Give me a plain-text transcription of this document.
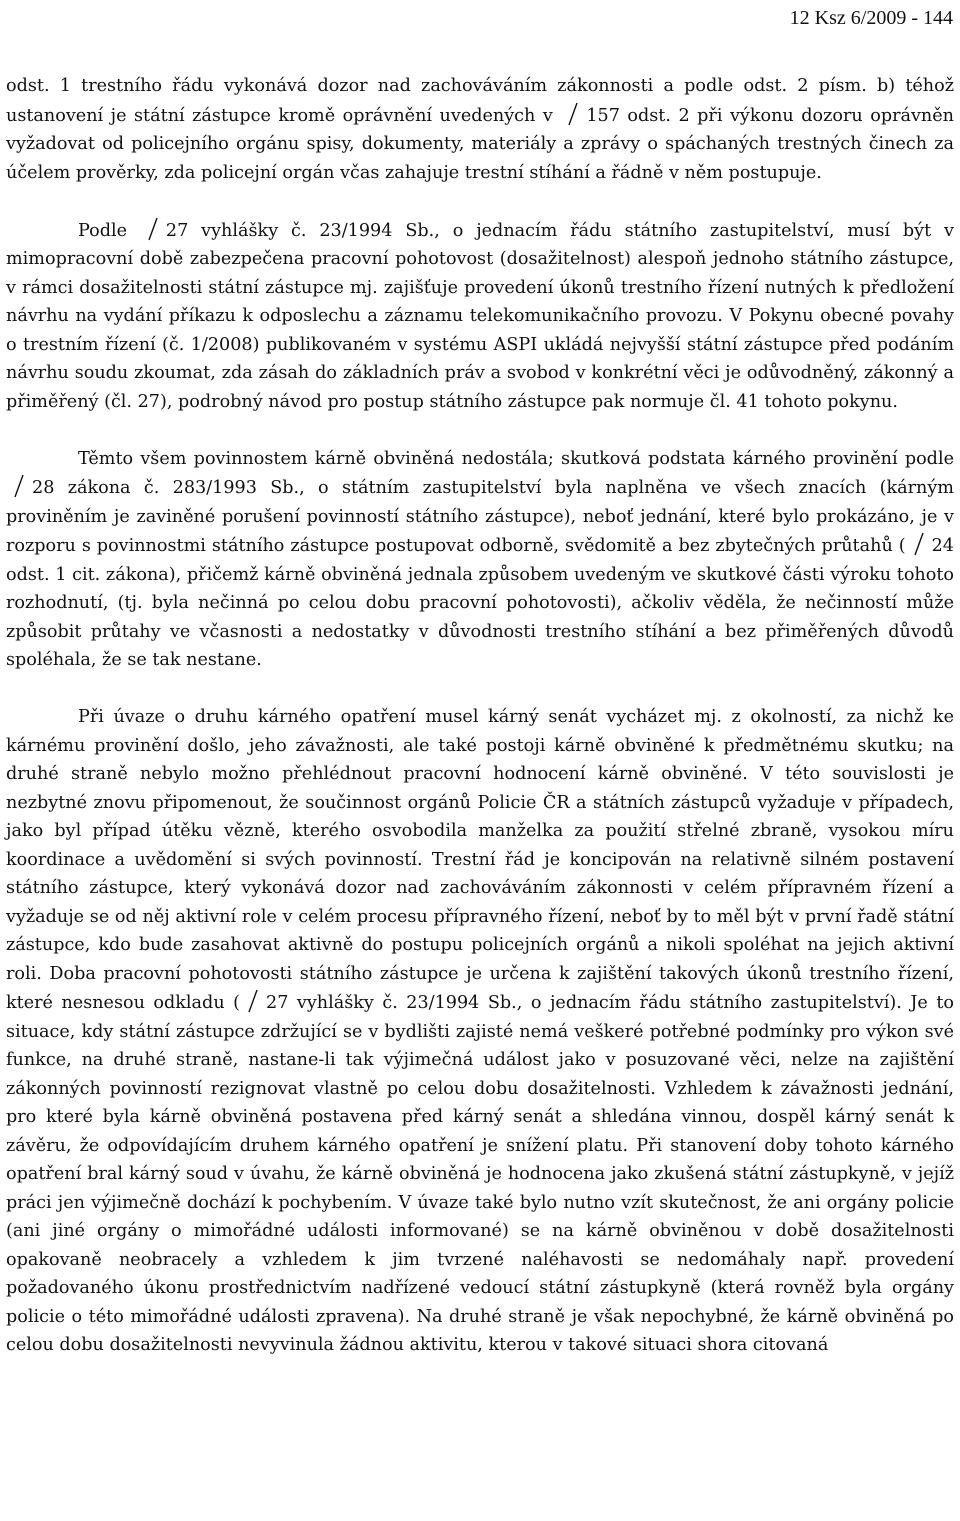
12 Ksz 6/2009 - 144

odst. 1 trestního řádu vykonává dozor nad zachováváním zákonnosti a podle odst. 2 písm. b) téhož ustanovení je státní zástupce kromě oprávnění uvedených v
157 odst. 2 při výkonu dozoru oprávněn vyžadovat od policejního orgánu spisy, dokumenty, materiály a zprávy o spáchaných trestných činech za účelem prověrky, zda policejní orgán včas zahajuje trestní stíhání a řádně v něm postupuje.

Podle
27 vyhlášky č. 23/1994 Sb., o jednacím řádu státního zastupitelství, musí být v mimopracovní době zabezpečena pracovní pohotovost (dosažitelnost) alespoň jednoho státního zástupce, v rámci dosažitelnosti státní zástupce mj. zajišťuje provedení úkonů trestního řízení nutných k předložení návrhu na vydání příkazu k odposlechu a záznamu telekomunikačního provozu. V Pokynu obecné povahy o trestním řízení (č. 1/2008) publikovaném v systému ASPI ukládá nejvyšší státní zástupce před podáním návrhu soudu zkoumat, zda zásah do základních práv a svobod v konkrétní věci je odůvodněný, zákonný a přiměřený (čl. 27), podrobný návod pro postup státního zástupce pak normuje čl. 41 tohoto pokynu.

Těmto všem povinnostem kárně obviněná nedostála; skutková podstata kárného provinění podle
28 zákona č. 283/1993 Sb., o státním zastupitelství byla naplněna ve všech znacích (kárným proviněním je zaviněné porušení povinností státního zástupce), neboť jednání, které bylo prokázáno, je v rozporu s povinnostmi státního zástupce postupovat odborně, svědomitě a bez zbytečných průtahů ( 24 odst. 1 cit. zákona), přičemž kárně obviněná jednala způsobem uvedeným ve skutkové části výroku tohoto rozhodnutí, (tj. byla nečinná po celou dobu pracovní pohotovosti), ačkoliv věděla, že nečinností může způsobit průtahy ve včasnosti a nedostatky v důvodnosti trestního stíhání a bez přiměřených důvodů spoléhala, že se tak nestane.

Při úvaze o druhu kárného opatření musel kárný senát vycházet mj. z okolností, za nichž ke kárnému provinění došlo, jeho závažnosti, ale také postoji kárně obviněné k předmětnému skutku; na druhé straně nebylo možno přehlédnout pracovní hodnocení kárně obviněné. V této souvislosti je nezbytné znovu připomenout, že součinnost orgánů Policie ČR a státních zástupců vyžaduje v případech, jako byl případ útěku vězně, kterého osvobodila manželka za použití střelné zbraně, vysokou míru koordinace a uvědomění si svých povinností. Trestní řád je koncipován na relativně silném postavení státního zástupce, který vykonává dozor nad zachováváním zákonnosti v celém přípravném řízení a vyžaduje se od něj aktivní role v celém procesu přípravného řízení, neboť by to měl být v první řadě státní zástupce, kdo bude zasahovat aktivně do postupu policejních orgánů a nikoli spoléhat na jejich aktivní roli. Doba pracovní pohotovosti státního zástupce je určena k zajištění takových úkonů trestního řízení, které nesnesou odkladu ( 27 vyhlášky č. 23/1994 Sb., o jednacím řádu státního zastupitelství). Je to situace, kdy státní zástupce zdržující se v bydlišti zajisté nemá veškeré potřebné podmínky pro výkon své funkce, na druhé straně, nastane-li tak výjimečná událost jako v posuzované věci, nelze na zajištění zákonných povinností rezignovat vlastně po celou dobu dosažitelnosti. Vzhledem k závažnosti jednání, pro které byla kárně obviněná postavena před kárný senát a shledána vinnou, dospěl kárný senát k závěru, že odpovídajícím druhem kárného opatření je snížení platu. Při stanovení doby tohoto kárného opatření bral kárný soud v úvahu, že kárně obviněná je hodnocena jako zkušená státní zástupkyně, v jejíž práci jen výjimečně dochází k pochybením. V úvaze také bylo nutno vzít skutečnost, že ani orgány policie (ani jiné orgány o mimořádné události informované) se na kárně obviněnou v době dosažitelnosti opakovaně neobracely a vzhledem k jim tvrzené naléhavosti se nedomáhaly např. provedení požadovaného úkonu prostřednictvím nadřízené vedoucí státní zástupkyně (která rovněž byla orgány policie o této mimořádné události zpravena). Na druhé straně je však nepochybné, že kárně obviněná po celou dobu dosažitelnosti nevyvinula žádnou aktivitu, kterou v takové situaci shora citovaná
